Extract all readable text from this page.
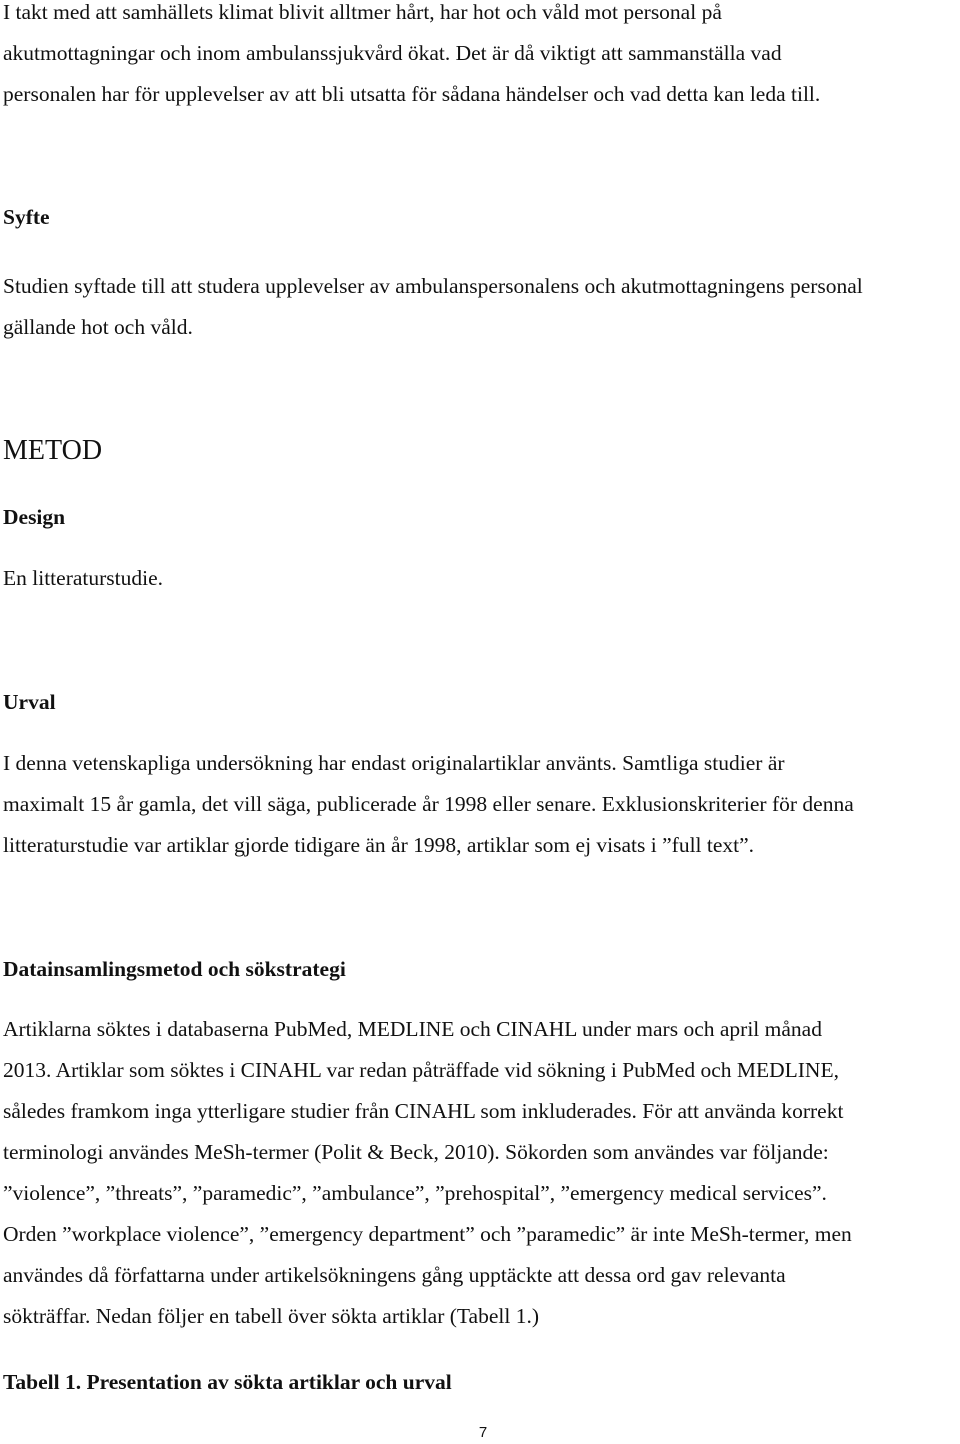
I takt med att samhällets klimat blivit alltmer hårt, har hot och våld mot personal på
akutmottagningar och inom ambulanssjukvård ökat. Det är då viktigt att sammanställa vad
personalen har för upplevelser av att bli utsatta för sådana händelser och vad detta kan leda till.
Syfte
Studien syftade till att studera upplevelser av ambulanspersonalens och akutmottagningens personal
gällande hot och våld.
METOD
Design
En litteraturstudie.
Urval
I denna vetenskapliga undersökning har endast originalartiklar använts. Samtliga studier är
maximalt 15 år gamla, det vill säga, publicerade år 1998 eller senare. Exklusionskriterier för denna
litteraturstudie var artiklar gjorde tidigare än år 1998, artiklar som ej visats i ”full text”.
Datainsamlingsmetod och sökstrategi
Artiklarna söktes i databaserna PubMed, MEDLINE och CINAHL under mars och april månad
2013. Artiklar som söktes i CINAHL var redan påträffade vid sökning i PubMed och MEDLINE,
således framkom inga ytterligare studier från CINAHL som inkluderades. För att använda korrekt
terminologi användes MeSh-termer (Polit & Beck, 2010). Sökorden som användes var följande:
”violence”, ”threats”, ”paramedic”, ”ambulance”, ”prehospital”, ”emergency medical services”.
Orden ”workplace violence”, ”emergency department” och ”paramedic” är inte MeSh-termer, men
användes då författarna under artikelsökningens gång upptäckte att dessa ord gav relevanta
sökträffar. Nedan följer en tabell över sökta artiklar (Tabell 1.)
Tabell 1. Presentation av sökta artiklar och urval
7
